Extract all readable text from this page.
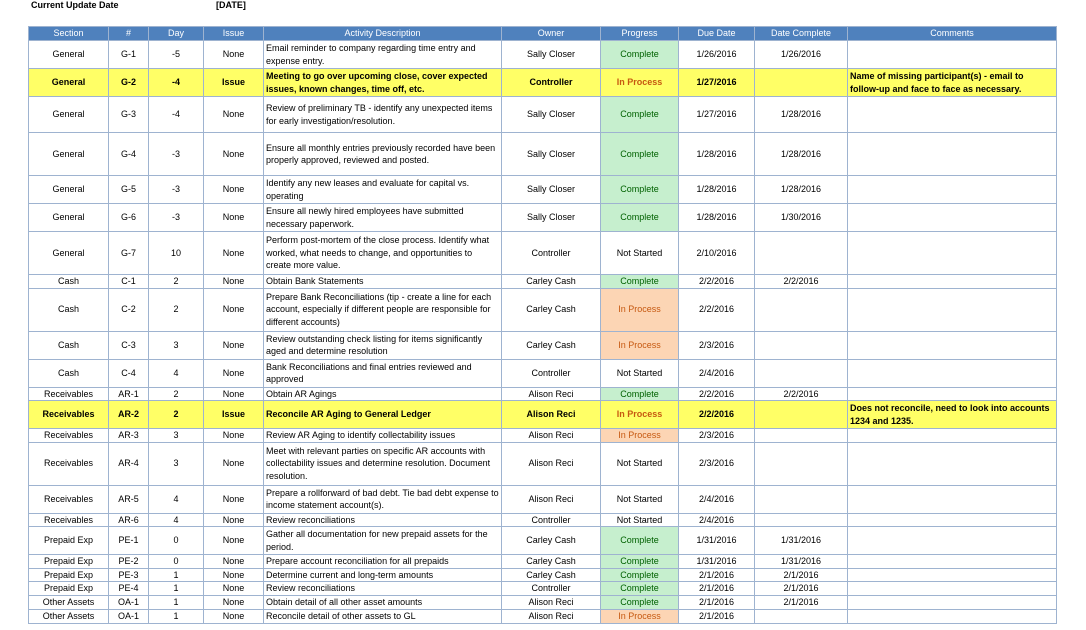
Current Update Date	[DATE]
Section	#	Day	Issue	Activity Description	Owner	Progress	Due Date	Date Complete	Comments
General	G-1	-5	None	Email reminder to company regarding time entry and expense entry.	Sally Closer	Complete	1/26/2016	1/26/2016	
General	G-2	-4	Issue	Meeting to go over upcoming close, cover expected issues, known changes, time off, etc.	Controller	In Process	1/27/2016		Name of missing participant(s) - email to follow-up and face to face as necessary.
General	G-3	-4	None	Review of preliminary TB - identify any unexpected items for early investigation/resolution.	Sally Closer	Complete	1/27/2016	1/28/2016	
General	G-4	-3	None	Ensure all monthly entries previously recorded have been properly approved, reviewed and posted.	Sally Closer	Complete	1/28/2016	1/28/2016	
General	G-5	-3	None	Identify any new leases and evaluate for capital vs. operating	Sally Closer	Complete	1/28/2016	1/28/2016	
General	G-6	-3	None	Ensure all newly hired employees have submitted necessary paperwork.	Sally Closer	Complete	1/28/2016	1/30/2016	
General	G-7	10	None	Perform post-mortem of the close process. Identify what worked, what needs to change, and opportunities to create more value.	Controller	Not Started	2/10/2016		
Cash	C-1	2	None	Obtain Bank Statements	Carley Cash	Complete	2/2/2016	2/2/2016	
Cash	C-2	2	None	Prepare Bank Reconciliations (tip - create a line for each account, especially if different people are responsible for different accounts)	Carley Cash	In Process	2/2/2016		
Cash	C-3	3	None	Review outstanding check listing for items significantly aged and determine resolution	Carley Cash	In Process	2/3/2016		
Cash	C-4	4	None	Bank Reconciliations and final entries reviewed and approved	Controller	Not Started	2/4/2016		
Receivables	AR-1	2	None	Obtain AR Agings	Alison Reci	Complete	2/2/2016	2/2/2016	
Receivables	AR-2	2	Issue	Reconcile AR Aging to General Ledger	Alison Reci	In Process	2/2/2016		Does not reconcile, need to look into accounts 1234 and 1235.
Receivables	AR-3	3	None	Review AR Aging to identify collectability issues	Alison Reci	In Process	2/3/2016		
Receivables	AR-4	3	None	Meet with relevant parties on specific AR accounts with collectability issues and determine resolution. Document resolution.	Alison Reci	Not Started	2/3/2016		
Receivables	AR-5	4	None	Prepare a rollforward of bad debt. Tie bad debt expense to income statement account(s).	Alison Reci	Not Started	2/4/2016		
Receivables	AR-6	4	None	Review reconciliations	Controller	Not Started	2/4/2016		
Prepaid Exp	PE-1	0	None	Gather all documentation for new prepaid assets for the period.	Carley Cash	Complete	1/31/2016	1/31/2016	
Prepaid Exp	PE-2	0	None	Prepare account reconciliation for all prepaids	Carley Cash	Complete	1/31/2016	1/31/2016	
Prepaid Exp	PE-3	1	None	Determine current and long-term amounts	Carley Cash	Complete	2/1/2016	2/1/2016	
Prepaid Exp	PE-4	1	None	Review reconciliations	Controller	Complete	2/1/2016	2/1/2016	
Other Assets	OA-1	1	None	Obtain detail of all other asset amounts	Alison Reci	Complete	2/1/2016	2/1/2016	
Other Assets	OA-1	1	None	Reconcile detail of other assets to GL	Alison Reci	In Process	2/1/2016		
